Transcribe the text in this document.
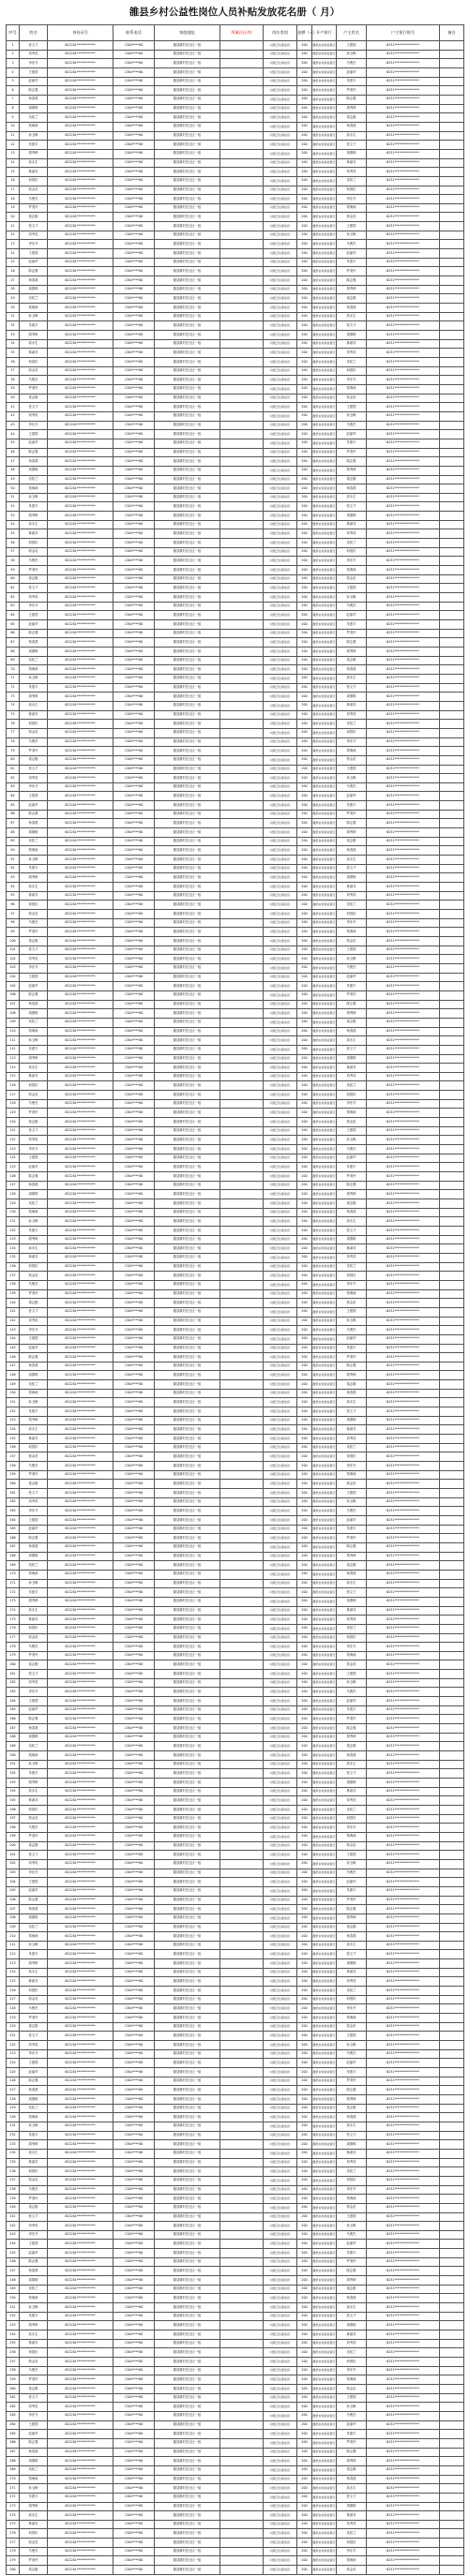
雒县乡村公益性岗位人员补贴发放花名册（ 月）
序号	姓名	身份证号	联系电话	家庭地址	所属社区/村	岗位类别	金额（元）	开户银行	户主姓名	户主银行账号	备注
1	张文才	622201************	1304****08	雒县镇村庄社区一组		村级卫生保洁员	200	雒县农村商业银行	王建国	6231****************	
2	刘秀英	622201************	1304****08	雒县镇村庄社区一组		村级卫生保洁员	200	雒县农村商业银行	孙玉梅	6231****************	
3	李东升	622201************	1304****08	雒县镇村庄社区一组		村级卫生保洁员	200	雒县农村商业银行	马俊杰	6231****************	
4	王建国	622201************	1304****08	雒县镇村庄社区一组		村级卫生保洁员	200	雒县农村商业银行	赵丽华	6231****************	
5	赵丽华	622201************	1304****08	雒县镇村庄社区一组		村级卫生保洁员	200	雒县农村商业银行	朱建平	6231****************	
6	陈志强	622201************	1304****08	雒县镇村庄社区一组		村级卫生保洁员	200	雒县农村商业银行	罗美玲	6231****************	
7	杨春燕	622201************	1304****08	雒县镇村庄社区一组		村级卫生保洁员	200	雒县农村商业银行	陈志强	6231****************	
8	周德明	622201************	1304****08	雒县镇村庄社区一组		村级卫生保洁员	200	雒县农村商业银行	胡秀珍	6231****************	
9	吴桂兰	622201************	1304****08	雒县镇村庄社区一组		村级卫生保洁员	200	雒县农村商业银行	梁志刚	6231****************	
10	郑海涛	622201************	1304****08	雒县镇村庄社区一组		村级卫生保洁员	200	雒县农村商业银行	杨春燕	6231****************	
11	孙玉梅	622201************	1304****08	雒县镇村庄社区一组		村级卫生保洁员	200	雒县农村商业银行	高永生	6231****************	
12	朱建平	622201************	1304****08	雒县镇村庄社区一组		村级卫生保洁员	200	雒县农村商业银行	张文才	6231****************	
13	胡秀珍	622201************	1304****08	雒县镇村庄社区一组		村级卫生保洁员	200	雒县农村商业银行	周德明	6231****************	
14	高永生	622201************	1304****08	雒县镇村庄社区一组		村级卫生保洁员	200	雒县农村商业银行	林淑芬	6231****************	
15	林淑芬	622201************	1304****08	雒县镇村庄社区一组		村级卫生保洁员	200	雒县农村商业银行	刘秀英	6231****************	
16	何国庆	622201************	1304****08	雒县镇村庄社区一组		村级卫生保洁员	200	雒县农村商业银行	吴桂兰	6231****************	
17	郭金花	622201************	1304****08	雒县镇村庄社区一组		村级卫生保洁员	200	雒县农村商业银行	何国庆	6231****************	
18	马俊杰	622201************	1304****08	雒县镇村庄社区一组		村级卫生保洁员	200	雒县农村商业银行	李东升	6231****************	
19	罗美玲	622201************	1304****08	雒县镇村庄社区一组		村级卫生保洁员	200	雒县农村商业银行	郑海涛	6231****************	
20	梁志刚	622201************	1304****08	雒县镇村庄社区一组		村级卫生保洁员	200	雒县农村商业银行	郭金花	6231****************	
21	张文才	622201************	1304****08	雒县镇村庄社区一组		村级卫生保洁员	200	雒县农村商业银行	王建国	6231****************	
22	刘秀英	622201************	1304****08	雒县镇村庄社区一组		村级卫生保洁员	200	雒县农村商业银行	孙玉梅	6231****************	
23	李东升	622201************	1304****08	雒县镇村庄社区一组		村级卫生保洁员	200	雒县农村商业银行	马俊杰	6231****************	
24	王建国	622201************	1304****08	雒县镇村庄社区一组		村级卫生保洁员	200	雒县农村商业银行	赵丽华	6231****************	
25	赵丽华	622201************	1304****08	雒县镇村庄社区一组		村级卫生保洁员	200	雒县农村商业银行	朱建平	6231****************	
26	陈志强	622201************	1304****08	雒县镇村庄社区一组		村级卫生保洁员	200	雒县农村商业银行	罗美玲	6231****************	
27	杨春燕	622201************	1304****08	雒县镇村庄社区一组		村级卫生保洁员	200	雒县农村商业银行	陈志强	6231****************	
28	周德明	622201************	1304****08	雒县镇村庄社区一组		村级卫生保洁员	200	雒县农村商业银行	胡秀珍	6231****************	
29	吴桂兰	622201************	1304****08	雒县镇村庄社区一组		村级卫生保洁员	200	雒县农村商业银行	梁志刚	6231****************	
30	郑海涛	622201************	1304****08	雒县镇村庄社区一组		村级卫生保洁员	200	雒县农村商业银行	杨春燕	6231****************	
31	孙玉梅	622201************	1304****08	雒县镇村庄社区一组		村级卫生保洁员	200	雒县农村商业银行	高永生	6231****************	
32	朱建平	622201************	1304****08	雒县镇村庄社区一组		村级卫生保洁员	200	雒县农村商业银行	张文才	6231****************	
33	胡秀珍	622201************	1304****08	雒县镇村庄社区一组		村级卫生保洁员	200	雒县农村商业银行	周德明	6231****************	
34	高永生	622201************	1304****08	雒县镇村庄社区一组		村级卫生保洁员	200	雒县农村商业银行	林淑芬	6231****************	
35	林淑芬	622201************	1304****08	雒县镇村庄社区一组		村级卫生保洁员	200	雒县农村商业银行	刘秀英	6231****************	
36	何国庆	622201************	1304****08	雒县镇村庄社区一组		村级卫生保洁员	200	雒县农村商业银行	吴桂兰	6231****************	
37	郭金花	622201************	1304****08	雒县镇村庄社区一组		村级卫生保洁员	200	雒县农村商业银行	何国庆	6231****************	
38	马俊杰	622201************	1304****08	雒县镇村庄社区一组		村级卫生保洁员	200	雒县农村商业银行	李东升	6231****************	
39	罗美玲	622201************	1304****08	雒县镇村庄社区一组		村级卫生保洁员	200	雒县农村商业银行	郑海涛	6231****************	
40	梁志刚	622201************	1304****08	雒县镇村庄社区一组		村级卫生保洁员	200	雒县农村商业银行	郭金花	6231****************	
41	张文才	622201************	1304****08	雒县镇村庄社区一组		村级卫生保洁员	200	雒县农村商业银行	王建国	6231****************	
42	刘秀英	622201************	1304****08	雒县镇村庄社区一组		村级卫生保洁员	200	雒县农村商业银行	孙玉梅	6231****************	
43	李东升	622201************	1304****08	雒县镇村庄社区一组		村级卫生保洁员	200	雒县农村商业银行	马俊杰	6231****************	
44	王建国	622201************	1304****08	雒县镇村庄社区一组		村级卫生保洁员	200	雒县农村商业银行	赵丽华	6231****************	
45	赵丽华	622201************	1304****08	雒县镇村庄社区一组		村级卫生保洁员	200	雒县农村商业银行	朱建平	6231****************	
46	陈志强	622201************	1304****08	雒县镇村庄社区一组		村级卫生保洁员	200	雒县农村商业银行	罗美玲	6231****************	
47	杨春燕	622201************	1304****08	雒县镇村庄社区一组		村级卫生保洁员	200	雒县农村商业银行	陈志强	6231****************	
48	周德明	622201************	1304****08	雒县镇村庄社区一组		村级卫生保洁员	200	雒县农村商业银行	胡秀珍	6231****************	
49	吴桂兰	622201************	1304****08	雒县镇村庄社区一组		村级卫生保洁员	200	雒县农村商业银行	梁志刚	6231****************	
50	郑海涛	622201************	1304****08	雒县镇村庄社区一组		村级卫生保洁员	200	雒县农村商业银行	杨春燕	6231****************	
51	孙玉梅	622201************	1304****08	雒县镇村庄社区一组		村级卫生保洁员	200	雒县农村商业银行	高永生	6231****************	
52	朱建平	622201************	1304****08	雒县镇村庄社区一组		村级卫生保洁员	200	雒县农村商业银行	张文才	6231****************	
53	胡秀珍	622201************	1304****08	雒县镇村庄社区一组		村级卫生保洁员	200	雒县农村商业银行	周德明	6231****************	
54	高永生	622201************	1304****08	雒县镇村庄社区一组		村级卫生保洁员	200	雒县农村商业银行	林淑芬	6231****************	
55	林淑芬	622201************	1304****08	雒县镇村庄社区一组		村级卫生保洁员	200	雒县农村商业银行	刘秀英	6231****************	
56	何国庆	622201************	1304****08	雒县镇村庄社区一组		村级卫生保洁员	200	雒县农村商业银行	吴桂兰	6231****************	
57	郭金花	622201************	1304****08	雒县镇村庄社区一组		村级卫生保洁员	200	雒县农村商业银行	何国庆	6231****************	
58	马俊杰	622201************	1304****08	雒县镇村庄社区一组		村级卫生保洁员	200	雒县农村商业银行	李东升	6231****************	
59	罗美玲	622201************	1304****08	雒县镇村庄社区一组		村级卫生保洁员	200	雒县农村商业银行	郑海涛	6231****************	
60	梁志刚	622201************	1304****08	雒县镇村庄社区一组		村级卫生保洁员	200	雒县农村商业银行	郭金花	6231****************	
61	张文才	622201************	1304****08	雒县镇村庄社区一组		村级卫生保洁员	200	雒县农村商业银行	王建国	6231****************	
62	刘秀英	622201************	1304****08	雒县镇村庄社区一组		村级卫生保洁员	200	雒县农村商业银行	孙玉梅	6231****************	
63	李东升	622201************	1304****08	雒县镇村庄社区一组		村级卫生保洁员	200	雒县农村商业银行	马俊杰	6231****************	
64	王建国	622201************	1304****08	雒县镇村庄社区一组		村级卫生保洁员	200	雒县农村商业银行	赵丽华	6231****************	
65	赵丽华	622201************	1304****08	雒县镇村庄社区一组		村级卫生保洁员	200	雒县农村商业银行	朱建平	6231****************	
66	陈志强	622201************	1304****08	雒县镇村庄社区一组		村级卫生保洁员	200	雒县农村商业银行	罗美玲	6231****************	
67	杨春燕	622201************	1304****08	雒县镇村庄社区一组		村级卫生保洁员	200	雒县农村商业银行	陈志强	6231****************	
68	周德明	622201************	1304****08	雒县镇村庄社区一组		村级卫生保洁员	200	雒县农村商业银行	胡秀珍	6231****************	
69	吴桂兰	622201************	1304****08	雒县镇村庄社区一组		村级卫生保洁员	200	雒县农村商业银行	梁志刚	6231****************	
70	郑海涛	622201************	1304****08	雒县镇村庄社区一组		村级卫生保洁员	200	雒县农村商业银行	杨春燕	6231****************	
71	孙玉梅	622201************	1304****08	雒县镇村庄社区一组		村级卫生保洁员	200	雒县农村商业银行	高永生	6231****************	
72	朱建平	622201************	1304****08	雒县镇村庄社区一组		村级卫生保洁员	200	雒县农村商业银行	张文才	6231****************	
73	胡秀珍	622201************	1304****08	雒县镇村庄社区一组		村级卫生保洁员	200	雒县农村商业银行	周德明	6231****************	
74	高永生	622201************	1304****08	雒县镇村庄社区一组		村级卫生保洁员	200	雒县农村商业银行	林淑芬	6231****************	
75	林淑芬	622201************	1304****08	雒县镇村庄社区一组		村级卫生保洁员	200	雒县农村商业银行	刘秀英	6231****************	
76	何国庆	622201************	1304****08	雒县镇村庄社区一组		村级卫生保洁员	200	雒县农村商业银行	吴桂兰	6231****************	
77	郭金花	622201************	1304****08	雒县镇村庄社区一组		村级卫生保洁员	200	雒县农村商业银行	何国庆	6231****************	
78	马俊杰	622201************	1304****08	雒县镇村庄社区一组		村级卫生保洁员	200	雒县农村商业银行	李东升	6231****************	
79	罗美玲	622201************	1304****08	雒县镇村庄社区一组		村级卫生保洁员	200	雒县农村商业银行	郑海涛	6231****************	
80	梁志刚	622201************	1304****08	雒县镇村庄社区一组		村级卫生保洁员	200	雒县农村商业银行	郭金花	6231****************	
81	张文才	622201************	1304****08	雒县镇村庄社区一组		村级卫生保洁员	200	雒县农村商业银行	王建国	6231****************	
82	刘秀英	622201************	1304****08	雒县镇村庄社区一组		村级卫生保洁员	200	雒县农村商业银行	孙玉梅	6231****************	
83	李东升	622201************	1304****08	雒县镇村庄社区一组		村级卫生保洁员	200	雒县农村商业银行	马俊杰	6231****************	
84	王建国	622201************	1304****08	雒县镇村庄社区一组		村级卫生保洁员	200	雒县农村商业银行	赵丽华	6231****************	
85	赵丽华	622201************	1304****08	雒县镇村庄社区一组		村级卫生保洁员	200	雒县农村商业银行	朱建平	6231****************	
86	陈志强	622201************	1304****08	雒县镇村庄社区一组		村级卫生保洁员	200	雒县农村商业银行	罗美玲	6231****************	
87	杨春燕	622201************	1304****08	雒县镇村庄社区一组		村级卫生保洁员	200	雒县农村商业银行	陈志强	6231****************	
88	周德明	622201************	1304****08	雒县镇村庄社区一组		村级卫生保洁员	200	雒县农村商业银行	胡秀珍	6231****************	
89	吴桂兰	622201************	1304****08	雒县镇村庄社区一组		村级卫生保洁员	200	雒县农村商业银行	梁志刚	6231****************	
90	郑海涛	622201************	1304****08	雒县镇村庄社区一组		村级卫生保洁员	200	雒县农村商业银行	杨春燕	6231****************	
91	孙玉梅	622201************	1304****08	雒县镇村庄社区一组		村级卫生保洁员	200	雒县农村商业银行	高永生	6231****************	
92	朱建平	622201************	1304****08	雒县镇村庄社区一组		村级卫生保洁员	200	雒县农村商业银行	张文才	6231****************	
93	胡秀珍	622201************	1304****08	雒县镇村庄社区一组		村级卫生保洁员	200	雒县农村商业银行	周德明	6231****************	
94	高永生	622201************	1304****08	雒县镇村庄社区一组		村级卫生保洁员	200	雒县农村商业银行	林淑芬	6231****************	
95	林淑芬	622201************	1304****08	雒县镇村庄社区一组		村级卫生保洁员	200	雒县农村商业银行	刘秀英	6231****************	
96	何国庆	622201************	1304****08	雒县镇村庄社区一组		村级卫生保洁员	200	雒县农村商业银行	吴桂兰	6231****************	
97	郭金花	622201************	1304****08	雒县镇村庄社区一组		村级卫生保洁员	200	雒县农村商业银行	何国庆	6231****************	
98	马俊杰	622201************	1304****08	雒县镇村庄社区一组		村级卫生保洁员	200	雒县农村商业银行	李东升	6231****************	
99	罗美玲	622201************	1304****08	雒县镇村庄社区一组		村级卫生保洁员	200	雒县农村商业银行	郑海涛	6231****************	
100	梁志刚	622201************	1304****08	雒县镇村庄社区一组		村级卫生保洁员	200	雒县农村商业银行	郭金花	6231****************	
101	张文才	622201************	1304****08	雒县镇村庄社区一组		村级卫生保洁员	200	雒县农村商业银行	王建国	6231****************	
102	刘秀英	622201************	1304****08	雒县镇村庄社区一组		村级卫生保洁员	200	雒县农村商业银行	孙玉梅	6231****************	
103	李东升	622201************	1304****08	雒县镇村庄社区一组		村级卫生保洁员	200	雒县农村商业银行	马俊杰	6231****************	
104	王建国	622201************	1304****08	雒县镇村庄社区一组		村级卫生保洁员	200	雒县农村商业银行	赵丽华	6231****************	
105	赵丽华	622201************	1304****08	雒县镇村庄社区一组		村级卫生保洁员	200	雒县农村商业银行	朱建平	6231****************	
106	陈志强	622201************	1304****08	雒县镇村庄社区一组		村级卫生保洁员	200	雒县农村商业银行	罗美玲	6231****************	
107	杨春燕	622201************	1304****08	雒县镇村庄社区一组		村级卫生保洁员	200	雒县农村商业银行	陈志强	6231****************	
108	周德明	622201************	1304****08	雒县镇村庄社区一组		村级卫生保洁员	200	雒县农村商业银行	胡秀珍	6231****************	
109	吴桂兰	622201************	1304****08	雒县镇村庄社区一组		村级卫生保洁员	200	雒县农村商业银行	梁志刚	6231****************	
110	郑海涛	622201************	1304****08	雒县镇村庄社区一组		村级卫生保洁员	200	雒县农村商业银行	杨春燕	6231****************	
111	孙玉梅	622201************	1304****08	雒县镇村庄社区一组		村级卫生保洁员	200	雒县农村商业银行	高永生	6231****************	
112	朱建平	622201************	1304****08	雒县镇村庄社区一组		村级卫生保洁员	200	雒县农村商业银行	张文才	6231****************	
113	胡秀珍	622201************	1304****08	雒县镇村庄社区一组		村级卫生保洁员	200	雒县农村商业银行	周德明	6231****************	
114	高永生	622201************	1304****08	雒县镇村庄社区一组		村级卫生保洁员	200	雒县农村商业银行	林淑芬	6231****************	
115	林淑芬	622201************	1304****08	雒县镇村庄社区一组		村级卫生保洁员	200	雒县农村商业银行	刘秀英	6231****************	
116	何国庆	622201************	1304****08	雒县镇村庄社区一组		村级卫生保洁员	200	雒县农村商业银行	吴桂兰	6231****************	
117	郭金花	622201************	1304****08	雒县镇村庄社区一组		村级卫生保洁员	200	雒县农村商业银行	何国庆	6231****************	
118	马俊杰	622201************	1304****08	雒县镇村庄社区一组		村级卫生保洁员	200	雒县农村商业银行	李东升	6231****************	
119	罗美玲	622201************	1304****08	雒县镇村庄社区一组		村级卫生保洁员	200	雒县农村商业银行	郑海涛	6231****************	
120	梁志刚	622201************	1304****08	雒县镇村庄社区一组		村级卫生保洁员	200	雒县农村商业银行	郭金花	6231****************	
121	张文才	622201************	1304****08	雒县镇村庄社区一组		村级卫生保洁员	200	雒县农村商业银行	王建国	6231****************	
122	刘秀英	622201************	1304****08	雒县镇村庄社区一组		村级卫生保洁员	200	雒县农村商业银行	孙玉梅	6231****************	
123	李东升	622201************	1304****08	雒县镇村庄社区一组		村级卫生保洁员	200	雒县农村商业银行	马俊杰	6231****************	
124	王建国	622201************	1304****08	雒县镇村庄社区一组		村级卫生保洁员	200	雒县农村商业银行	赵丽华	6231****************	
125	赵丽华	622201************	1304****08	雒县镇村庄社区一组		村级卫生保洁员	200	雒县农村商业银行	朱建平	6231****************	
126	陈志强	622201************	1304****08	雒县镇村庄社区一组		村级卫生保洁员	200	雒县农村商业银行	罗美玲	6231****************	
127	杨春燕	622201************	1304****08	雒县镇村庄社区一组		村级卫生保洁员	200	雒县农村商业银行	陈志强	6231****************	
128	周德明	622201************	1304****08	雒县镇村庄社区一组		村级卫生保洁员	200	雒县农村商业银行	胡秀珍	6231****************	
129	吴桂兰	622201************	1304****08	雒县镇村庄社区一组		村级卫生保洁员	200	雒县农村商业银行	梁志刚	6231****************	
130	郑海涛	622201************	1304****08	雒县镇村庄社区一组		村级卫生保洁员	200	雒县农村商业银行	杨春燕	6231****************	
131	孙玉梅	622201************	1304****08	雒县镇村庄社区一组		村级卫生保洁员	200	雒县农村商业银行	高永生	6231****************	
132	朱建平	622201************	1304****08	雒县镇村庄社区一组		村级卫生保洁员	200	雒县农村商业银行	张文才	6231****************	
133	胡秀珍	622201************	1304****08	雒县镇村庄社区一组		村级卫生保洁员	200	雒县农村商业银行	周德明	6231****************	
134	高永生	622201************	1304****08	雒县镇村庄社区一组		村级卫生保洁员	200	雒县农村商业银行	林淑芬	6231****************	
135	林淑芬	622201************	1304****08	雒县镇村庄社区一组		村级卫生保洁员	200	雒县农村商业银行	刘秀英	6231****************	
136	何国庆	622201************	1304****08	雒县镇村庄社区一组		村级卫生保洁员	200	雒县农村商业银行	吴桂兰	6231****************	
137	郭金花	622201************	1304****08	雒县镇村庄社区一组		村级卫生保洁员	200	雒县农村商业银行	何国庆	6231****************	
138	马俊杰	622201************	1304****08	雒县镇村庄社区一组		村级卫生保洁员	200	雒县农村商业银行	李东升	6231****************	
139	罗美玲	622201************	1304****08	雒县镇村庄社区一组		村级卫生保洁员	200	雒县农村商业银行	郑海涛	6231****************	
140	梁志刚	622201************	1304****08	雒县镇村庄社区一组		村级卫生保洁员	200	雒县农村商业银行	郭金花	6231****************	
141	张文才	622201************	1304****08	雒县镇村庄社区一组		村级卫生保洁员	200	雒县农村商业银行	王建国	6231****************	
142	刘秀英	622201************	1304****08	雒县镇村庄社区一组		村级卫生保洁员	200	雒县农村商业银行	孙玉梅	6231****************	
143	李东升	622201************	1304****08	雒县镇村庄社区一组		村级卫生保洁员	200	雒县农村商业银行	马俊杰	6231****************	
144	王建国	622201************	1304****08	雒县镇村庄社区一组		村级卫生保洁员	200	雒县农村商业银行	赵丽华	6231****************	
145	赵丽华	622201************	1304****08	雒县镇村庄社区一组		村级卫生保洁员	200	雒县农村商业银行	朱建平	6231****************	
146	陈志强	622201************	1304****08	雒县镇村庄社区一组		村级卫生保洁员	200	雒县农村商业银行	罗美玲	6231****************	
147	杨春燕	622201************	1304****08	雒县镇村庄社区一组		村级卫生保洁员	200	雒县农村商业银行	陈志强	6231****************	
148	周德明	622201************	1304****08	雒县镇村庄社区一组		村级卫生保洁员	200	雒县农村商业银行	胡秀珍	6231****************	
149	吴桂兰	622201************	1304****08	雒县镇村庄社区一组		村级卫生保洁员	200	雒县农村商业银行	梁志刚	6231****************	
150	郑海涛	622201************	1304****08	雒县镇村庄社区一组		村级卫生保洁员	200	雒县农村商业银行	杨春燕	6231****************	
151	孙玉梅	622201************	1304****08	雒县镇村庄社区一组		村级卫生保洁员	200	雒县农村商业银行	高永生	6231****************	
152	朱建平	622201************	1304****08	雒县镇村庄社区一组		村级卫生保洁员	200	雒县农村商业银行	张文才	6231****************	
153	胡秀珍	622201************	1304****08	雒县镇村庄社区一组		村级卫生保洁员	200	雒县农村商业银行	周德明	6231****************	
154	高永生	622201************	1304****08	雒县镇村庄社区一组		村级卫生保洁员	200	雒县农村商业银行	林淑芬	6231****************	
155	林淑芬	622201************	1304****08	雒县镇村庄社区一组		村级卫生保洁员	200	雒县农村商业银行	刘秀英	6231****************	
156	何国庆	622201************	1304****08	雒县镇村庄社区一组		村级卫生保洁员	200	雒县农村商业银行	吴桂兰	6231****************	
157	郭金花	622201************	1304****08	雒县镇村庄社区一组		村级卫生保洁员	200	雒县农村商业银行	何国庆	6231****************	
158	马俊杰	622201************	1304****08	雒县镇村庄社区一组		村级卫生保洁员	200	雒县农村商业银行	李东升	6231****************	
159	罗美玲	622201************	1304****08	雒县镇村庄社区一组		村级卫生保洁员	200	雒县农村商业银行	郑海涛	6231****************	
160	梁志刚	622201************	1304****08	雒县镇村庄社区一组		村级卫生保洁员	200	雒县农村商业银行	郭金花	6231****************	
161	张文才	622201************	1304****08	雒县镇村庄社区一组		村级卫生保洁员	200	雒县农村商业银行	王建国	6231****************	
162	刘秀英	622201************	1304****08	雒县镇村庄社区一组		村级卫生保洁员	200	雒县农村商业银行	孙玉梅	6231****************	
163	李东升	622201************	1304****08	雒县镇村庄社区一组		村级卫生保洁员	200	雒县农村商业银行	马俊杰	6231****************	
164	王建国	622201************	1304****08	雒县镇村庄社区一组		村级卫生保洁员	200	雒县农村商业银行	赵丽华	6231****************	
165	赵丽华	622201************	1304****08	雒县镇村庄社区一组		村级卫生保洁员	200	雒县农村商业银行	朱建平	6231****************	
166	陈志强	622201************	1304****08	雒县镇村庄社区一组		村级卫生保洁员	200	雒县农村商业银行	罗美玲	6231****************	
167	杨春燕	622201************	1304****08	雒县镇村庄社区一组		村级卫生保洁员	200	雒县农村商业银行	陈志强	6231****************	
168	周德明	622201************	1304****08	雒县镇村庄社区一组		村级卫生保洁员	200	雒县农村商业银行	胡秀珍	6231****************	
169	吴桂兰	622201************	1304****08	雒县镇村庄社区一组		村级卫生保洁员	200	雒县农村商业银行	梁志刚	6231****************	
170	郑海涛	622201************	1304****08	雒县镇村庄社区一组		村级卫生保洁员	200	雒县农村商业银行	杨春燕	6231****************	
171	孙玉梅	622201************	1304****08	雒县镇村庄社区一组		村级卫生保洁员	200	雒县农村商业银行	高永生	6231****************	
172	朱建平	622201************	1304****08	雒县镇村庄社区一组		村级卫生保洁员	200	雒县农村商业银行	张文才	6231****************	
173	胡秀珍	622201************	1304****08	雒县镇村庄社区一组		村级卫生保洁员	200	雒县农村商业银行	周德明	6231****************	
174	高永生	622201************	1304****08	雒县镇村庄社区一组		村级卫生保洁员	200	雒县农村商业银行	林淑芬	6231****************	
175	林淑芬	622201************	1304****08	雒县镇村庄社区一组		村级卫生保洁员	200	雒县农村商业银行	刘秀英	6231****************	
176	何国庆	622201************	1304****08	雒县镇村庄社区一组		村级卫生保洁员	200	雒县农村商业银行	吴桂兰	6231****************	
177	郭金花	622201************	1304****08	雒县镇村庄社区一组		村级卫生保洁员	200	雒县农村商业银行	何国庆	6231****************	
178	马俊杰	622201************	1304****08	雒县镇村庄社区一组		村级卫生保洁员	200	雒县农村商业银行	李东升	6231****************	
179	罗美玲	622201************	1304****08	雒县镇村庄社区一组		村级卫生保洁员	200	雒县农村商业银行	郑海涛	6231****************	
180	梁志刚	622201************	1304****08	雒县镇村庄社区一组		村级卫生保洁员	200	雒县农村商业银行	郭金花	6231****************	
181	张文才	622201************	1304****08	雒县镇村庄社区一组		村级卫生保洁员	200	雒县农村商业银行	王建国	6231****************	
182	刘秀英	622201************	1304****08	雒县镇村庄社区一组		村级卫生保洁员	200	雒县农村商业银行	孙玉梅	6231****************	
183	李东升	622201************	1304****08	雒县镇村庄社区一组		村级卫生保洁员	200	雒县农村商业银行	马俊杰	6231****************	
184	王建国	622201************	1304****08	雒县镇村庄社区一组		村级卫生保洁员	200	雒县农村商业银行	赵丽华	6231****************	
185	赵丽华	622201************	1304****08	雒县镇村庄社区一组		村级卫生保洁员	200	雒县农村商业银行	朱建平	6231****************	
186	陈志强	622201************	1304****08	雒县镇村庄社区一组		村级卫生保洁员	200	雒县农村商业银行	罗美玲	6231****************	
187	杨春燕	622201************	1304****08	雒县镇村庄社区一组		村级卫生保洁员	200	雒县农村商业银行	陈志强	6231****************	
188	周德明	622201************	1304****08	雒县镇村庄社区一组		村级卫生保洁员	200	雒县农村商业银行	胡秀珍	6231****************	
189	吴桂兰	622201************	1304****08	雒县镇村庄社区一组		村级卫生保洁员	200	雒县农村商业银行	梁志刚	6231****************	
190	郑海涛	622201************	1304****08	雒县镇村庄社区一组		村级卫生保洁员	200	雒县农村商业银行	杨春燕	6231****************	
191	孙玉梅	622201************	1304****08	雒县镇村庄社区一组		村级卫生保洁员	200	雒县农村商业银行	高永生	6231****************	
192	朱建平	622201************	1304****08	雒县镇村庄社区一组		村级卫生保洁员	200	雒县农村商业银行	张文才	6231****************	
193	胡秀珍	622201************	1304****08	雒县镇村庄社区一组		村级卫生保洁员	200	雒县农村商业银行	周德明	6231****************	
194	高永生	622201************	1304****08	雒县镇村庄社区一组		村级卫生保洁员	200	雒县农村商业银行	林淑芬	6231****************	
195	林淑芬	622201************	1304****08	雒县镇村庄社区一组		村级卫生保洁员	200	雒县农村商业银行	刘秀英	6231****************	
196	何国庆	622201************	1304****08	雒县镇村庄社区一组		村级卫生保洁员	200	雒县农村商业银行	吴桂兰	6231****************	
197	郭金花	622201************	1304****08	雒县镇村庄社区一组		村级卫生保洁员	200	雒县农村商业银行	何国庆	6231****************	
198	马俊杰	622201************	1304****08	雒县镇村庄社区一组		村级卫生保洁员	200	雒县农村商业银行	李东升	6231****************	
199	罗美玲	622201************	1304****08	雒县镇村庄社区一组		村级卫生保洁员	200	雒县农村商业银行	郑海涛	6231****************	
200	梁志刚	622201************	1304****08	雒县镇村庄社区一组		村级卫生保洁员	200	雒县农村商业银行	郭金花	6231****************	
201	张文才	622201************	1304****08	雒县镇村庄社区一组		村级卫生保洁员	200	雒县农村商业银行	王建国	6231****************	
202	刘秀英	622201************	1304****08	雒县镇村庄社区一组		村级卫生保洁员	200	雒县农村商业银行	孙玉梅	6231****************	
203	李东升	622201************	1304****08	雒县镇村庄社区一组		村级卫生保洁员	200	雒县农村商业银行	马俊杰	6231****************	
204	王建国	622201************	1304****08	雒县镇村庄社区一组		村级卫生保洁员	200	雒县农村商业银行	赵丽华	6231****************	
205	赵丽华	622201************	1304****08	雒县镇村庄社区一组		村级卫生保洁员	200	雒县农村商业银行	朱建平	6231****************	
206	陈志强	622201************	1304****08	雒县镇村庄社区一组		村级卫生保洁员	200	雒县农村商业银行	罗美玲	6231****************	
207	杨春燕	622201************	1304****08	雒县镇村庄社区一组		村级卫生保洁员	200	雒县农村商业银行	陈志强	6231****************	
208	周德明	622201************	1304****08	雒县镇村庄社区一组		村级卫生保洁员	200	雒县农村商业银行	胡秀珍	6231****************	
209	吴桂兰	622201************	1304****08	雒县镇村庄社区一组		村级卫生保洁员	200	雒县农村商业银行	梁志刚	6231****************	
210	郑海涛	622201************	1304****08	雒县镇村庄社区一组		村级卫生保洁员	200	雒县农村商业银行	杨春燕	6231****************	
211	孙玉梅	622201************	1304****08	雒县镇村庄社区一组		村级卫生保洁员	200	雒县农村商业银行	高永生	6231****************	
212	朱建平	622201************	1304****08	雒县镇村庄社区一组		村级卫生保洁员	200	雒县农村商业银行	张文才	6231****************	
213	胡秀珍	622201************	1304****08	雒县镇村庄社区一组		村级卫生保洁员	200	雒县农村商业银行	周德明	6231****************	
214	高永生	622201************	1304****08	雒县镇村庄社区一组		村级卫生保洁员	200	雒县农村商业银行	林淑芬	6231****************	
215	林淑芬	622201************	1304****08	雒县镇村庄社区一组		村级卫生保洁员	200	雒县农村商业银行	刘秀英	6231****************	
216	何国庆	622201************	1304****08	雒县镇村庄社区一组		村级卫生保洁员	200	雒县农村商业银行	吴桂兰	6231****************	
217	郭金花	622201************	1304****08	雒县镇村庄社区一组		村级卫生保洁员	200	雒县农村商业银行	何国庆	6231****************	
218	马俊杰	622201************	1304****08	雒县镇村庄社区一组		村级卫生保洁员	200	雒县农村商业银行	李东升	6231****************	
219	罗美玲	622201************	1304****08	雒县镇村庄社区一组		村级卫生保洁员	200	雒县农村商业银行	郑海涛	6231****************	
220	梁志刚	622201************	1304****08	雒县镇村庄社区一组		村级卫生保洁员	200	雒县农村商业银行	郭金花	6231****************	
221	张文才	622201************	1304****08	雒县镇村庄社区一组		村级卫生保洁员	200	雒县农村商业银行	王建国	6231****************	
222	刘秀英	622201************	1304****08	雒县镇村庄社区一组		村级卫生保洁员	200	雒县农村商业银行	孙玉梅	6231****************	
223	李东升	622201************	1304****08	雒县镇村庄社区一组		村级卫生保洁员	200	雒县农村商业银行	马俊杰	6231****************	
224	王建国	622201************	1304****08	雒县镇村庄社区一组		村级卫生保洁员	200	雒县农村商业银行	赵丽华	6231****************	
225	赵丽华	622201************	1304****08	雒县镇村庄社区一组		村级卫生保洁员	200	雒县农村商业银行	朱建平	6231****************	
226	陈志强	622201************	1304****08	雒县镇村庄社区一组		村级卫生保洁员	200	雒县农村商业银行	罗美玲	6231****************	
227	杨春燕	622201************	1304****08	雒县镇村庄社区一组		村级卫生保洁员	200	雒县农村商业银行	陈志强	6231****************	
228	周德明	622201************	1304****08	雒县镇村庄社区一组		村级卫生保洁员	200	雒县农村商业银行	胡秀珍	6231****************	
229	吴桂兰	622201************	1304****08	雒县镇村庄社区一组		村级卫生保洁员	200	雒县农村商业银行	梁志刚	6231****************	
230	郑海涛	622201************	1304****08	雒县镇村庄社区一组		村级卫生保洁员	200	雒县农村商业银行	杨春燕	6231****************	
231	孙玉梅	622201************	1304****08	雒县镇村庄社区一组		村级卫生保洁员	200	雒县农村商业银行	高永生	6231****************	
232	朱建平	622201************	1304****08	雒县镇村庄社区一组		村级卫生保洁员	200	雒县农村商业银行	张文才	6231****************	
233	胡秀珍	622201************	1304****08	雒县镇村庄社区一组		村级卫生保洁员	200	雒县农村商业银行	周德明	6231****************	
234	高永生	622201************	1304****08	雒县镇村庄社区一组		村级卫生保洁员	200	雒县农村商业银行	林淑芬	6231****************	
235	林淑芬	622201************	1304****08	雒县镇村庄社区一组		村级卫生保洁员	200	雒县农村商业银行	刘秀英	6231****************	
236	何国庆	622201************	1304****08	雒县镇村庄社区一组		村级卫生保洁员	200	雒县农村商业银行	吴桂兰	6231****************	
237	郭金花	622201************	1304****08	雒县镇村庄社区一组		村级卫生保洁员	200	雒县农村商业银行	何国庆	6231****************	
238	马俊杰	622201************	1304****08	雒县镇村庄社区一组		村级卫生保洁员	200	雒县农村商业银行	李东升	6231****************	
239	罗美玲	622201************	1304****08	雒县镇村庄社区一组		村级卫生保洁员	200	雒县农村商业银行	郑海涛	6231****************	
240	梁志刚	622201************	1304****08	雒县镇村庄社区一组		村级卫生保洁员	200	雒县农村商业银行	郭金花	6231****************	
241	张文才	622201************	1304****08	雒县镇村庄社区一组		村级卫生保洁员	200	雒县农村商业银行	王建国	6231****************	
242	刘秀英	622201************	1304****08	雒县镇村庄社区一组		村级卫生保洁员	200	雒县农村商业银行	孙玉梅	6231****************	
243	李东升	622201************	1304****08	雒县镇村庄社区一组		村级卫生保洁员	200	雒县农村商业银行	马俊杰	6231****************	
244	王建国	622201************	1304****08	雒县镇村庄社区一组		村级卫生保洁员	200	雒县农村商业银行	赵丽华	6231****************	
245	赵丽华	622201************	1304****08	雒县镇村庄社区一组		村级卫生保洁员	200	雒县农村商业银行	朱建平	6231****************	
246	陈志强	622201************	1304****08	雒县镇村庄社区一组		村级卫生保洁员	200	雒县农村商业银行	罗美玲	6231****************	
247	杨春燕	622201************	1304****08	雒县镇村庄社区一组		村级卫生保洁员	200	雒县农村商业银行	陈志强	6231****************	
248	周德明	622201************	1304****08	雒县镇村庄社区一组		村级卫生保洁员	200	雒县农村商业银行	胡秀珍	6231****************	
249	吴桂兰	622201************	1304****08	雒县镇村庄社区一组		村级卫生保洁员	200	雒县农村商业银行	梁志刚	6231****************	
250	郑海涛	622201************	1304****08	雒县镇村庄社区一组		村级卫生保洁员	200	雒县农村商业银行	杨春燕	6231****************	
251	孙玉梅	622201************	1304****08	雒县镇村庄社区一组		村级卫生保洁员	200	雒县农村商业银行	高永生	6231****************	
252	朱建平	622201************	1304****08	雒县镇村庄社区一组		村级卫生保洁员	200	雒县农村商业银行	张文才	6231****************	
253	胡秀珍	622201************	1304****08	雒县镇村庄社区一组		村级卫生保洁员	200	雒县农村商业银行	周德明	6231****************	
254	高永生	622201************	1304****08	雒县镇村庄社区一组		村级卫生保洁员	200	雒县农村商业银行	林淑芬	6231****************	
255	林淑芬	622201************	1304****08	雒县镇村庄社区一组		村级卫生保洁员	200	雒县农村商业银行	刘秀英	6231****************	
256	何国庆	622201************	1304****08	雒县镇村庄社区一组		村级卫生保洁员	200	雒县农村商业银行	吴桂兰	6231****************	
257	郭金花	622201************	1304****08	雒县镇村庄社区一组		村级卫生保洁员	200	雒县农村商业银行	何国庆	6231****************	
258	马俊杰	622201************	1304****08	雒县镇村庄社区一组		村级卫生保洁员	200	雒县农村商业银行	李东升	6231****************	
259	罗美玲	622201************	1304****08	雒县镇村庄社区一组		村级卫生保洁员	200	雒县农村商业银行	郑海涛	6231****************	
260	梁志刚	622201************	1304****08	雒县镇村庄社区一组		村级卫生保洁员	200	雒县农村商业银行	郭金花	6231****************	
261	张文才	622201************	1304****08	雒县镇村庄社区一组		村级卫生保洁员	200	雒县农村商业银行	王建国	6231****************	
262	刘秀英	622201************	1304****08	雒县镇村庄社区一组		村级卫生保洁员	200	雒县农村商业银行	孙玉梅	6231****************	
263	李东升	622201************	1304****08	雒县镇村庄社区一组		村级卫生保洁员	200	雒县农村商业银行	马俊杰	6231****************	
264	王建国	622201************	1304****08	雒县镇村庄社区一组		村级卫生保洁员	200	雒县农村商业银行	赵丽华	6231****************	
265	赵丽华	622201************	1304****08	雒县镇村庄社区一组		村级卫生保洁员	200	雒县农村商业银行	朱建平	6231****************	
266	陈志强	622201************	1304****08	雒县镇村庄社区一组		村级卫生保洁员	200	雒县农村商业银行	罗美玲	6231****************	
267	杨春燕	622201************	1304****08	雒县镇村庄社区一组		村级卫生保洁员	200	雒县农村商业银行	陈志强	6231****************	
268	周德明	622201************	1304****08	雒县镇村庄社区一组		村级卫生保洁员	200	雒县农村商业银行	胡秀珍	6231****************	
269	吴桂兰	622201************	1304****08	雒县镇村庄社区一组		村级卫生保洁员	200	雒县农村商业银行	梁志刚	6231****************	
270	郑海涛	622201************	1304****08	雒县镇村庄社区一组		村级卫生保洁员	200	雒县农村商业银行	杨春燕	6231****************	
271	孙玉梅	622201************	1304****08	雒县镇村庄社区一组		村级卫生保洁员	200	雒县农村商业银行	高永生	6231****************	
272	朱建平	622201************	1304****08	雒县镇村庄社区一组		村级卫生保洁员	200	雒县农村商业银行	张文才	6231****************	
273	胡秀珍	622201************	1304****08	雒县镇村庄社区一组		村级卫生保洁员	200	雒县农村商业银行	周德明	6231****************	
274	高永生	622201************	1304****08	雒县镇村庄社区一组		村级卫生保洁员	200	雒县农村商业银行	林淑芬	6231****************	
275	林淑芬	622201************	1304****08	雒县镇村庄社区一组		村级卫生保洁员	200	雒县农村商业银行	刘秀英	6231****************	
276	何国庆	622201************	1304****08	雒县镇村庄社区一组		村级卫生保洁员	200	雒县农村商业银行	吴桂兰	6231****************	
277	郭金花	622201************	1304****08	雒县镇村庄社区一组		村级卫生保洁员	200	雒县农村商业银行	何国庆	6231****************	
278	马俊杰	622201************	1304****08	雒县镇村庄社区一组		村级卫生保洁员	200	雒县农村商业银行	李东升	6231****************	
279	罗美玲	622201************	1304****08	雒县镇村庄社区一组		村级卫生保洁员	200	雒县农村商业银行	郑海涛	6231****************	
280	梁志刚	622201************	1304****08	雒县镇村庄社区一组		村级卫生保洁员	200	雒县农村商业银行	郭金花	6231****************	
